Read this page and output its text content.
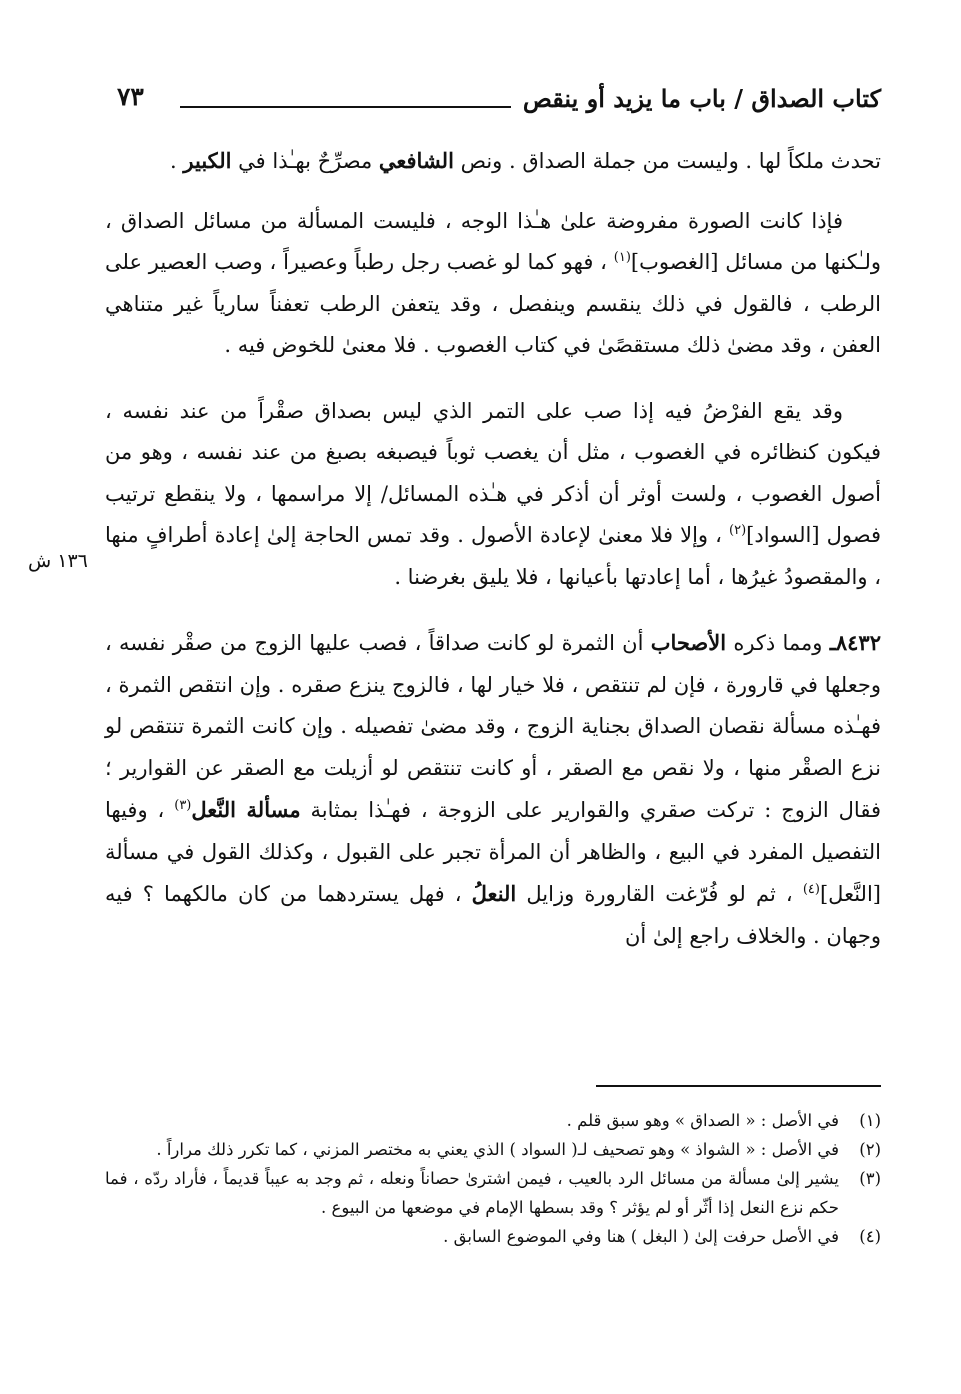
كتاب الصداق / باب ما يزيد أو ينقص
٧٣
١٣٦ ش

تحدث ملكاً لها . وليست من جملة الصداق . ونص الشافعي مصرِّحٌ بهـٰذا في الكبير .

فإذا كانت الصورة مفروضة علىٰ هـٰذا الوجه ، فليست المسألة من مسائل الصداق ، ولـٰكنها من مسائل [الغصوب]$^{(١)}$ ، فهو كما لو غصب رجل رطباً وعصيراً ، وصب العصير على الرطب ، فالقول في ذلك ينقسم وينفصل ، وقد يتعفن الرطب تعفناً سارياً غير متناهي العفن ، وقد مضىٰ ذلك مستقصًىٰ في كتاب الغصوب . فلا معنىٰ للخوض فيه .

وقد يقع الفرْضُ فيه إذا صب على التمر الذي ليس بصداق صقْراً من عند نفسه ، فيكون كنظائره في الغصوب ، مثل أن يغصب ثوباً فيصبغه بصبغ من عند نفسه ، وهو من أصول الغصوب ، ولست أوثر أن أذكر في هـٰذه المسائل/ إلا مراسمها ، ولا ينقطع ترتيب فصول [السواد]$^{(٢)}$ ، وإلا فلا معنىٰ لإعادة الأصول . وقد تمس الحاجة إلىٰ إعادة أطرافٍ منها ، والمقصودُ غيرُها ، أما إعادتها بأعيانها ، فلا يليق بغرضنا .

٨٤٣٢ـ ومما ذكره الأصحاب أن الثمرة لو كانت صداقاً ، فصب عليها الزوج من صقْر نفسه ، وجعلها في قارورة ، فإن لم تنتقص ، فلا خيار لها ، فالزوج ينزع صقره . وإن انتقص الثمرة ، فهـٰذه مسألة نقصان الصداق بجناية الزوج ، وقد مضىٰ تفصيله . وإن كانت الثمرة تنتقص لو نزع الصقْر منها ، ولا نقص مع الصقر ، أو كانت تنتقص لو أزيلت مع الصقر عن القوارير ؛ فقال الزوج : تركت صقري والقوارير على الزوجة ، فهـٰذا بمثابة مسألة النَّعل$^{(٣)}$ ، وفيها التفصيل المفرد في البيع ، والظاهر أن المرأة تجبر على القبول ، وكذلك القول في مسألة [النَّعل]$^{(٤)}$ ، ثم لو فُرّغت القارورة وزايل النعلُ ، فهل يستردهما من كان مالكهما ؟ فيه وجهان . والخلاف راجع إلىٰ أن

(١)
في الأصل : « الصداق » وهو سبق قلم .
(٢)
في الأصل : « الشواذ » وهو تصحيف لـ( السواد ) الذي يعني به مختصر المزني ، كما تكرر ذلك مراراً .
(٣)
يشير إلىٰ مسألة من مسائل الرد بالعيب ، فيمن اشترىٰ حصاناً ونعله ، ثم وجد به عيباً قديماً ، فأراد ردّه ، فما حكم نزع النعل إذا أثّر أو لم يؤثر ؟ وقد بسطها الإمام في موضعها من البيوع .
(٤)
في الأصل حرفت إلىٰ ( البغل ) هنا وفي الموضوع السابق .
